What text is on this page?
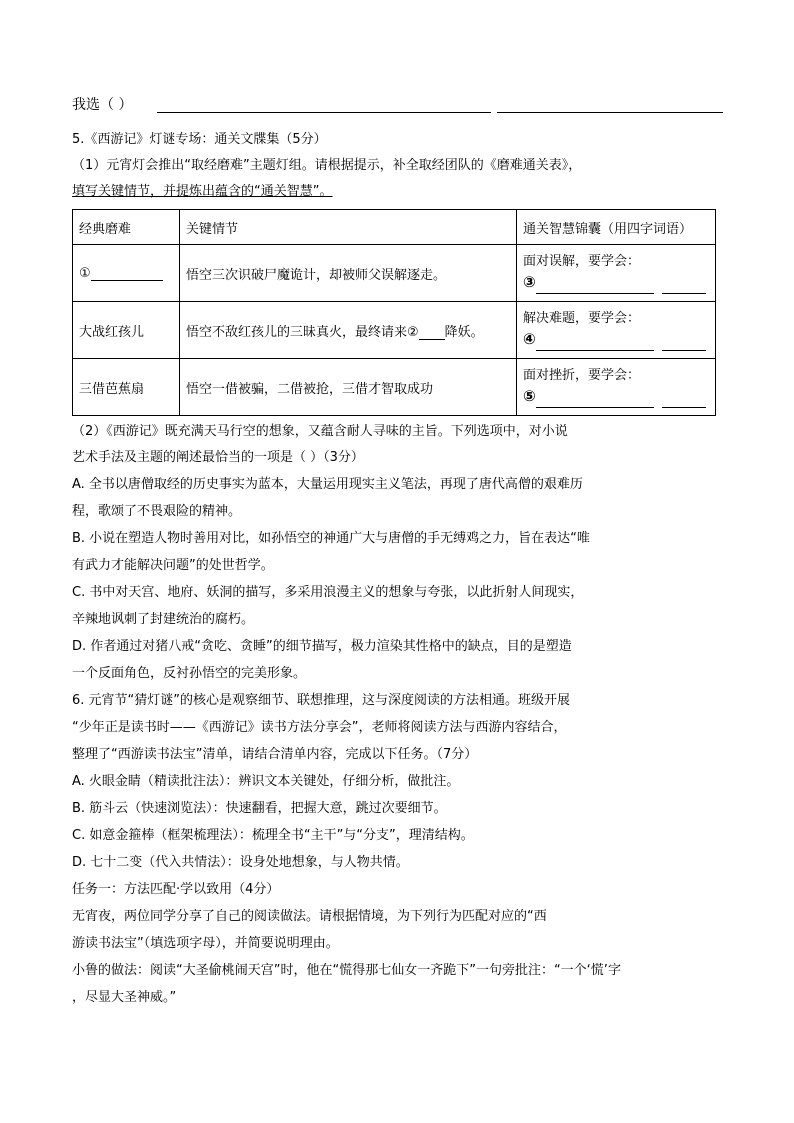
我选（ ）
5.《西游记》灯谜专场：通关文牒集（5分）
（1）元宵灯会推出“取经磨难”主题灯组。请根据提示，补全取经团队的《磨难通关表》，
填写关键情节，并提炼出蕴含的“通关智慧”。
经典磨难	关键情节	通关智慧锦囊（用四字词语）
①	悟空三次识破尸魔诡计，却被师父误解逐走。	面对误解，要学会：
③

大战红孩儿	悟空不敌红孩儿的三昧真火，最终请来② 降妖。	解决难题，要学会：
④

三借芭蕉扇	悟空一借被骗，二借被抢，三借才智取成功	面对挫折，要学会：
⑤
（2）《西游记》既充满天马行空的想象，又蕴含耐人寻味的主旨。下列选项中，对小说
艺术手法及主题的阐述最恰当的一项是（ ）（3分）
A. 全书以唐僧取经的历史事实为蓝本，大量运用现实主义笔法，再现了唐代高僧的艰难历
程，歌颂了不畏艰险的精神。
B. 小说在塑造人物时善用对比，如孙悟空的神通广大与唐僧的手无缚鸡之力，旨在表达“唯
有武力才能解决问题”的处世哲学。
C. 书中对天宫、地府、妖洞的描写，多采用浪漫主义的想象与夸张，以此折射人间现实，
辛辣地讽刺了封建统治的腐朽。
D. 作者通过对猪八戒“贪吃、贪睡”的细节描写，极力渲染其性格中的缺点，目的是塑造
一个反面角色，反衬孙悟空的完美形象。
6. 元宵节“猜灯谜”的核心是观察细节、联想推理，这与深度阅读的方法相通。班级开展
“少年正是读书时——《西游记》读书方法分享会”，老师将阅读方法与西游内容结合，
整理了“西游读书法宝”清单，请结合清单内容，完成以下任务。（7分）
A. 火眼金睛（精读批注法）：辨识文本关键处，仔细分析，做批注。
B. 筋斗云（快速浏览法）：快速翻看，把握大意，跳过次要细节。
C. 如意金箍棒（框架梳理法）：梳理全书“主干”与“分支”，理清结构。
D. 七十二变（代入共情法）：设身处地想象，与人物共情。
任务一：方法匹配·学以致用（4分）
无宵夜，两位同学分享了自己的阅读做法。请根据情境，为下列行为匹配对应的“西
游读书法宝”（填选项字母），并简要说明理由。
小鲁的做法：阅读“大圣偷桃闹天宫”时，他在“慌得那七仙女一齐跪下”一句旁批注：“一个‘慌’字
，尽显大圣神威。”
